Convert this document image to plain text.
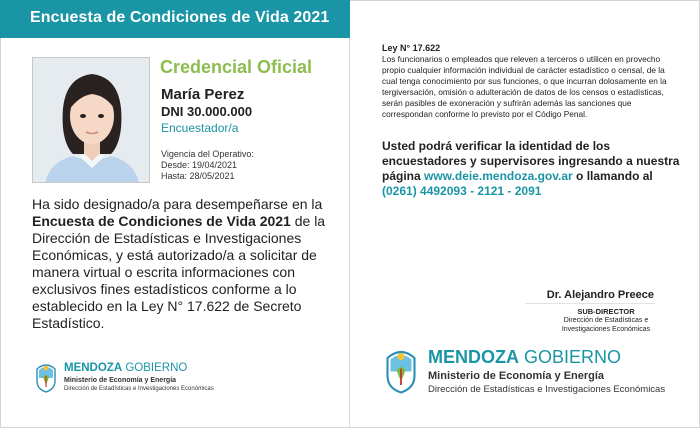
Encuesta de Condiciones de Vida 2021
Credencial Oficial
María Perez
DNI 30.000.000
Encuestador/a
Vigencia del Operativo:
Desde: 19/04/2021
Hasta: 28/05/2021
Ha sido designado/a para desempeñarse en la Encuesta de Condiciones de Vida 2021 de la Dirección de Estadísticas e Investigaciones Económicas, y está autorizado/a a solicitar de manera virtual o escrita informaciones con exclusivos fines estadísticos conforme a lo establecido en la Ley N° 17.622 de Secreto Estadístico.
MENDOZA GOBIERNO
Ministerio de Economía y Energía
Dirección de Estadísticas e Investigaciones Económicas
Ley N° 17.622
Los funcionarios o empleados que releven a terceros o utilicen en provecho propio cualquier información individual de carácter estadístico o censal, de la cual tenga conocimiento por sus funciones, o que incurran dolosamente en la tergiversación, omisión o adulteración de datos de los censos o estadísticas, serán pasibles de exoneración y sufrirán además las sanciones que correspondan conforme lo previsto por el Código Penal.
Usted podrá verificar la identidad de los encuestadores y supervisores ingresando a nuestra página www.deie.mendoza.gov.ar o llamando al (0261) 4492093 - 2121 - 2091
Dr. Alejandro Preece
SUB-DIRECTOR
Dirección de Estadísticas e Investigaciones Económicas
MENDOZA GOBIERNO
Ministerio de Economía y Energía
Dirección de Estadísticas e Investigaciones Económicas
